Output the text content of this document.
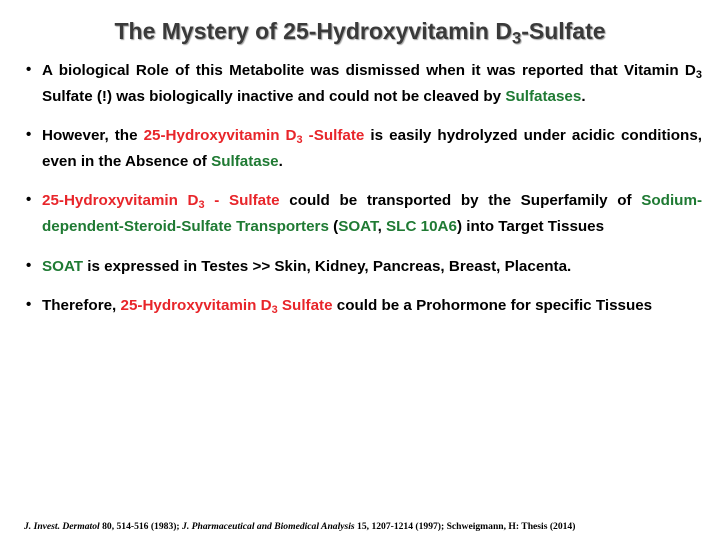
The Mystery of 25-Hydroxyvitamin $D_3$-Sulfate
• A biological Role of this Metabolite was dismissed when it was reported that Vitamin $D_3$ Sulfate (!) was biologically inactive and could not be cleaved by Sulfatases.
• However, the 25-Hydroxyvitamin $D_3$ -Sulfate is easily hydrolyzed under acidic conditions, even in the Absence of Sulfatase.
• 25-Hydroxyvitamin $D_3$ - Sulfate could be transported by the Superfamily of Sodium-dependent-Steroid-Sulfate Transporters (SOAT, SLC 10A6) into Target Tissues
• SOAT is expressed in Testes >> Skin, Kidney, Pancreas, Breast, Placenta.
• Therefore, 25-Hydroxyvitamin $D_3$ Sulfate could be a Prohormone for specific Tissues
J. Invest. Dermatol 80, 514-516 (1983); J. Pharmaceutical and Biomedical Analysis 15, 1207-1214 (1997); Schweigmann, H: Thesis (2014)
